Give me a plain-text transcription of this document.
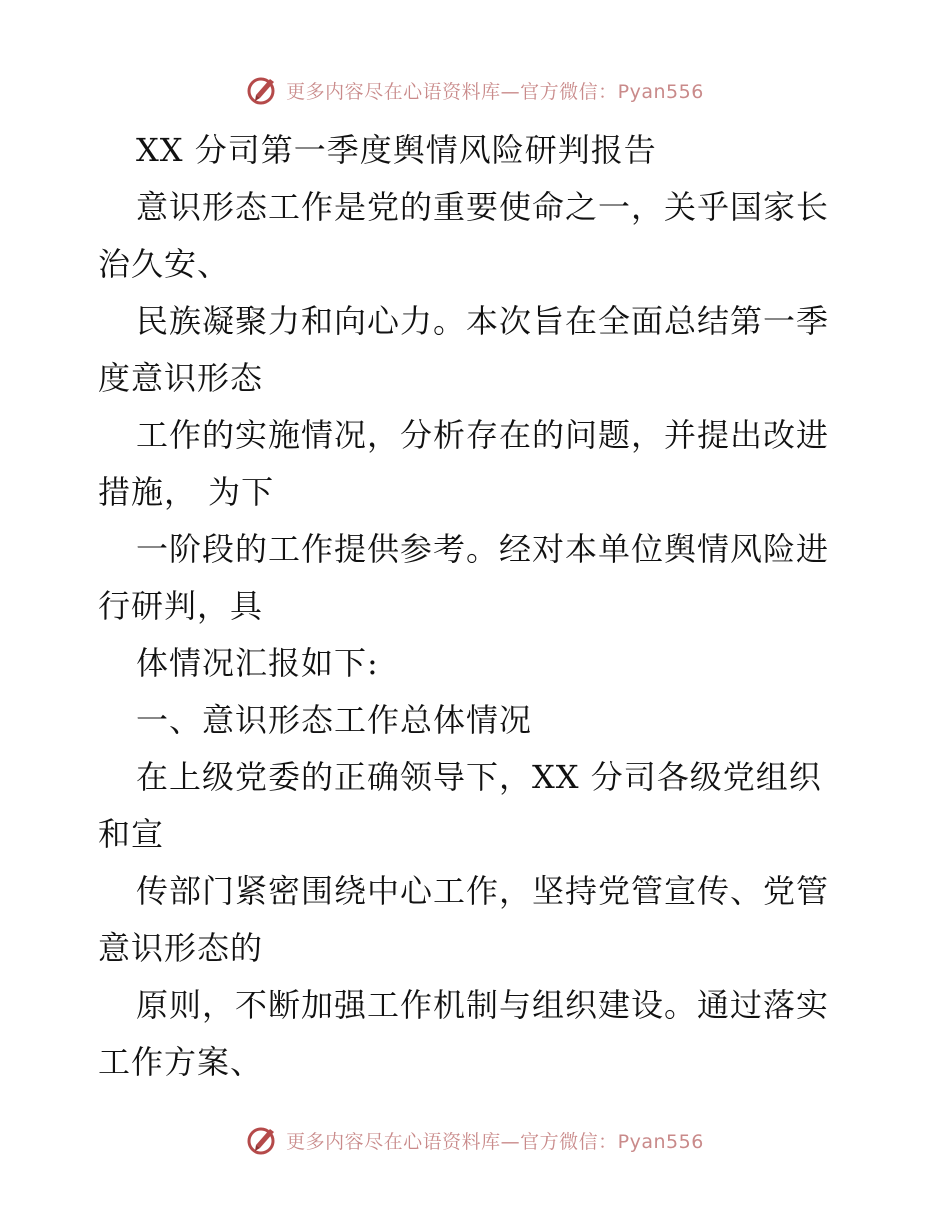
更多内容尽在心语资料库—官方微信：Pyan556
XX 分司第一季度舆情风险研判报告
意识形态工作是党的重要使命之一，关乎国家长
治久安、
民族凝聚力和向心力。本次旨在全面总结第一季
度意识形态
工作的实施情况，分析存在的问题，并提出改进
措施， 为下
一阶段的工作提供参考。经对本单位舆情风险进
行研判，具
体情况汇报如下:
一、意识形态工作总体情况
在上级党委的正确领导下，XX 分司各级党组织
和宣
传部门紧密围绕中心工作，坚持党管宣传、党管
意识形态的
原则，不断加强工作机制与组织建设。通过落实
工作方案、
更多内容尽在心语资料库—官方微信：Pyan556
